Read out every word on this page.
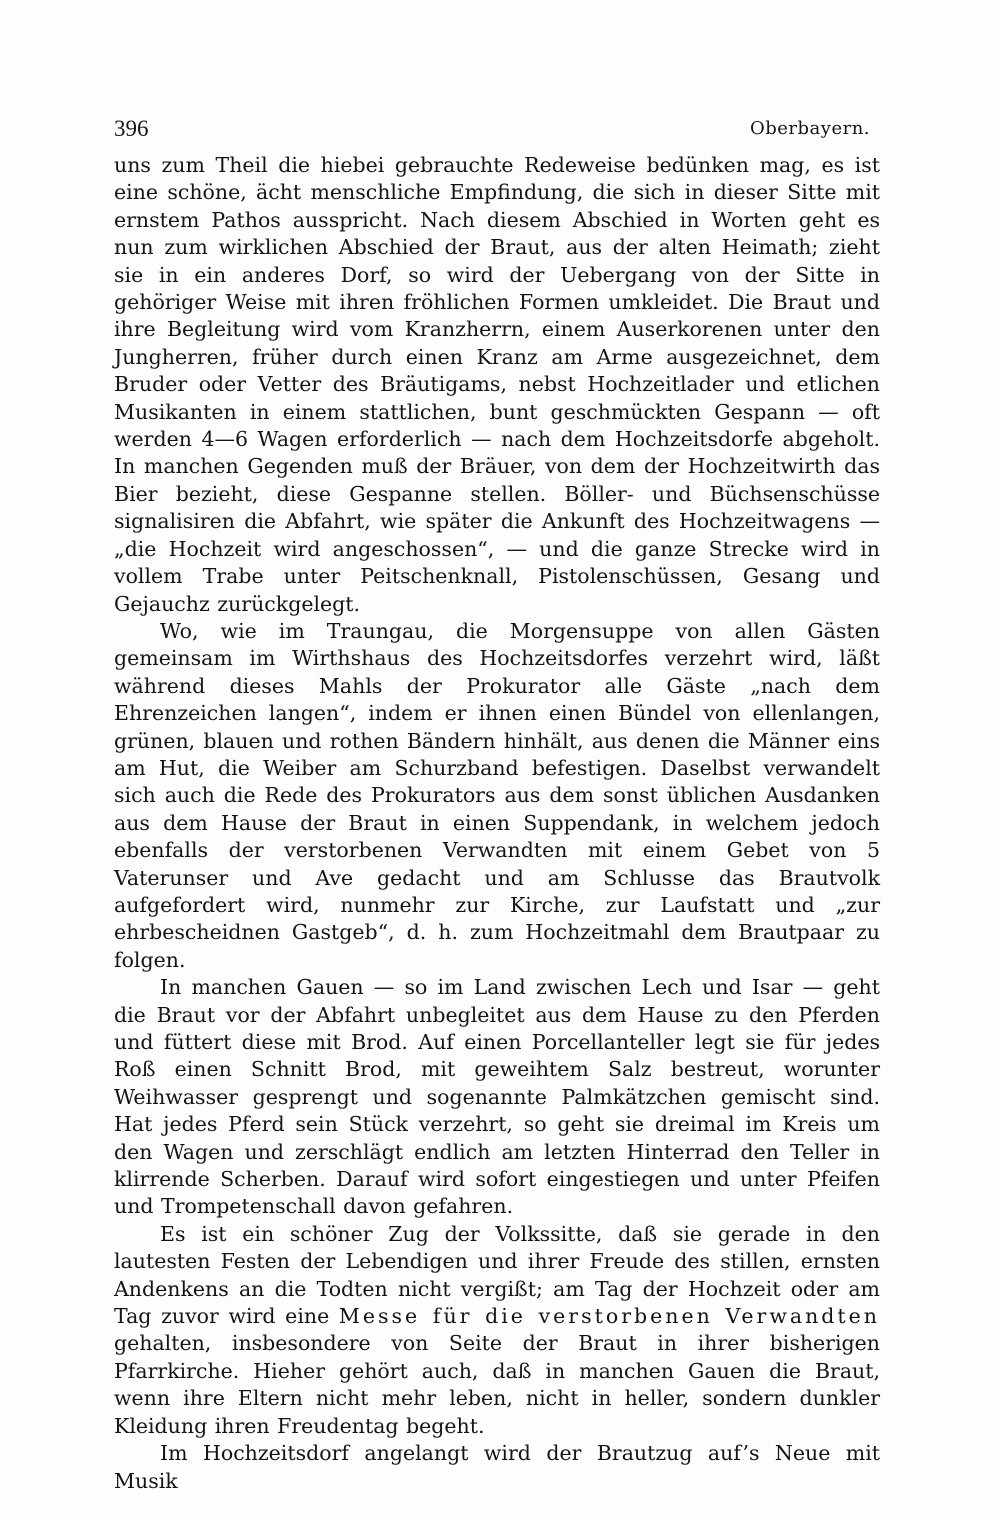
396	Oberbayern.

uns zum Theil die hiebei gebrauchte Redeweise bedünken mag, es ist eine schöne, ächt menschliche Empfindung, die sich in dieser Sitte mit ernstem Pathos ausspricht. Nach diesem Abschied in Worten geht es nun zum wirklichen Abschied der Braut, aus der alten Heimath; zieht sie in ein anderes Dorf, so wird der Uebergang von der Sitte in gehöriger Weise mit ihren fröhlichen Formen umkleidet. Die Braut und ihre Begleitung wird vom Kranzherrn, einem Auserkorenen unter den Jungherren, früher durch einen Kranz am Arme ausgezeichnet, dem Bruder oder Vetter des Bräutigams, nebst Hochzeitlader und etlichen Musikanten in einem stattlichen, bunt geschmückten Gespann — oft werden 4—6 Wagen erforderlich — nach dem Hochzeitsdorfe abgeholt. In manchen Gegenden muß der Bräuer, von dem der Hochzeitwirth das Bier bezieht, diese Gespanne stellen. Böller- und Büchsenschüsse signalisiren die Abfahrt, wie später die Ankunft des Hochzeitwagens — „die Hochzeit wird angeschossen“, — und die ganze Strecke wird in vollem Trabe unter Peitschenknall, Pistolenschüssen, Gesang und Gejauchz zurückgelegt.

Wo, wie im Traungau, die Morgensuppe von allen Gästen gemeinsam im Wirthshaus des Hochzeitsdorfes verzehrt wird, läßt während dieses Mahls der Prokurator alle Gäste „nach dem Ehrenzeichen langen“, indem er ihnen einen Bündel von ellenlangen, grünen, blauen und rothen Bändern hinhält, aus denen die Männer eins am Hut, die Weiber am Schurzband befestigen. Daselbst verwandelt sich auch die Rede des Prokurators aus dem sonst üblichen Ausdanken aus dem Hause der Braut in einen Suppendank, in welchem jedoch ebenfalls der verstorbenen Verwandten mit einem Gebet von 5 Vaterunser und Ave gedacht und am Schlusse das Brautvolk aufgefordert wird, nunmehr zur Kirche, zur Laufstatt und „zur ehrbescheidnen Gastgeb“, d. h. zum Hochzeitmahl dem Brautpaar zu folgen.

In manchen Gauen — so im Land zwischen Lech und Isar — geht die Braut vor der Abfahrt unbegleitet aus dem Hause zu den Pferden und füttert diese mit Brod. Auf einen Porcellanteller legt sie für jedes Roß einen Schnitt Brod, mit geweihtem Salz bestreut, worunter Weihwasser gesprengt und sogenannte Palmkätzchen gemischt sind. Hat jedes Pferd sein Stück verzehrt, so geht sie dreimal im Kreis um den Wagen und zerschlägt endlich am letzten Hinterrad den Teller in klirrende Scherben. Darauf wird sofort eingestiegen und unter Pfeifen und Trompetenschall davon gefahren.

Es ist ein schöner Zug der Volkssitte, daß sie gerade in den lautesten Festen der Lebendigen und ihrer Freude des stillen, ernsten Andenkens an die Todten nicht vergißt; am Tag der Hochzeit oder am Tag zuvor wird eine Messe für die verstorbenen Verwandten gehalten, insbesondere von Seite der Braut in ihrer bisherigen Pfarrkirche. Hieher gehört auch, daß in manchen Gauen die Braut, wenn ihre Eltern nicht mehr leben, nicht in heller, sondern dunkler Kleidung ihren Freudentag begeht.

Im Hochzeitsdorf angelangt wird der Brautzug auf’s Neue mit Musik
